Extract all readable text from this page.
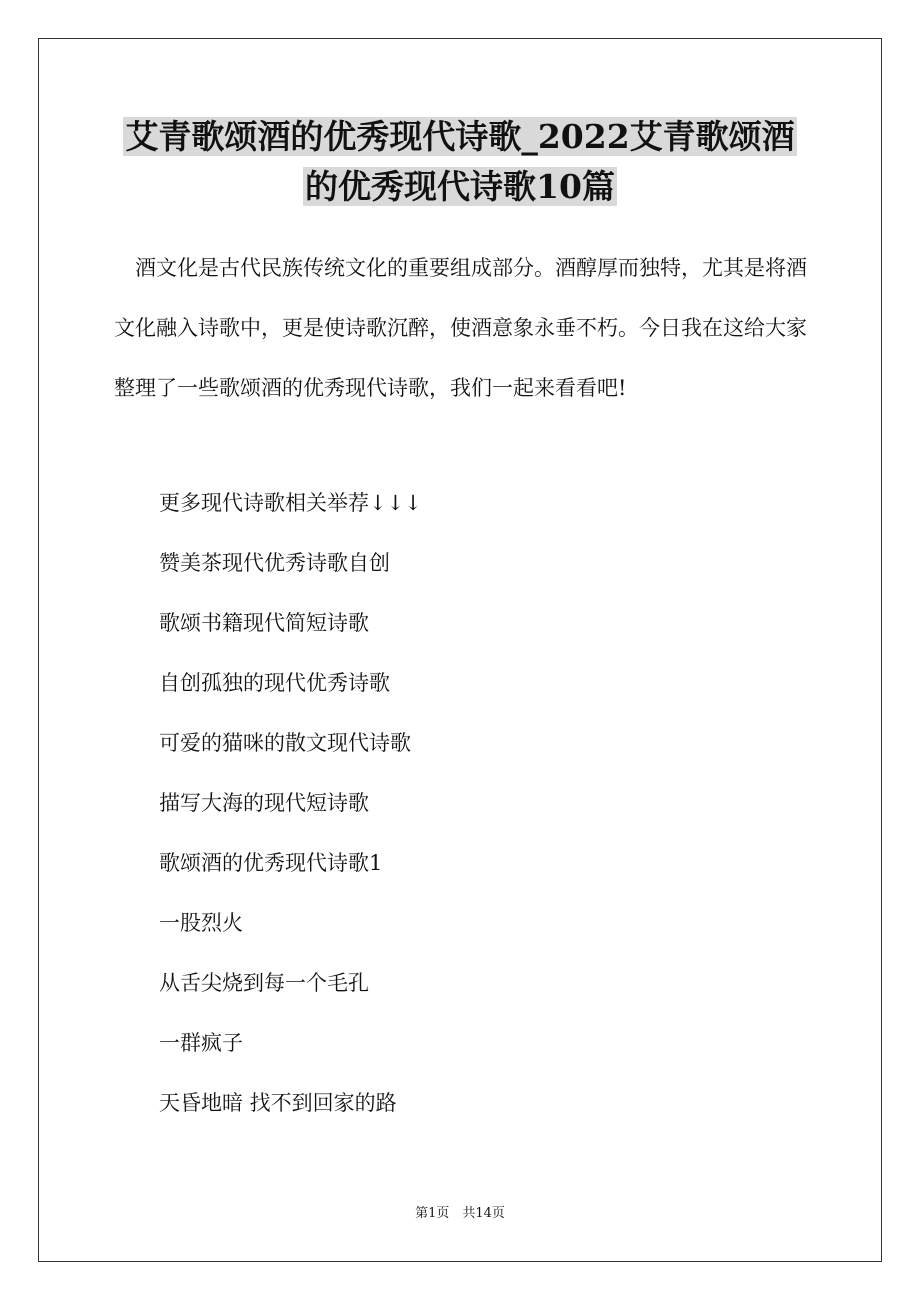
艾青歌颂酒的优秀现代诗歌_2022艾青歌颂酒
的优秀现代诗歌10篇

酒文化是古代民族传统文化的重要组成部分。酒醇厚而独特，尤其是将酒文化融入诗歌中，更是使诗歌沉醉，使酒意象永垂不朽。今日我在这给大家整理了一些歌颂酒的优秀现代诗歌，我们一起来看看吧!

更多现代诗歌相关举荐↓↓↓
赞美茶现代优秀诗歌自创
歌颂书籍现代简短诗歌
自创孤独的现代优秀诗歌
可爱的猫咪的散文现代诗歌
描写大海的现代短诗歌
歌颂酒的优秀现代诗歌1
一股烈火
从舌尖烧到每一个毛孔
一群疯子
天昏地暗 找不到回家的路
第1页　共14页
